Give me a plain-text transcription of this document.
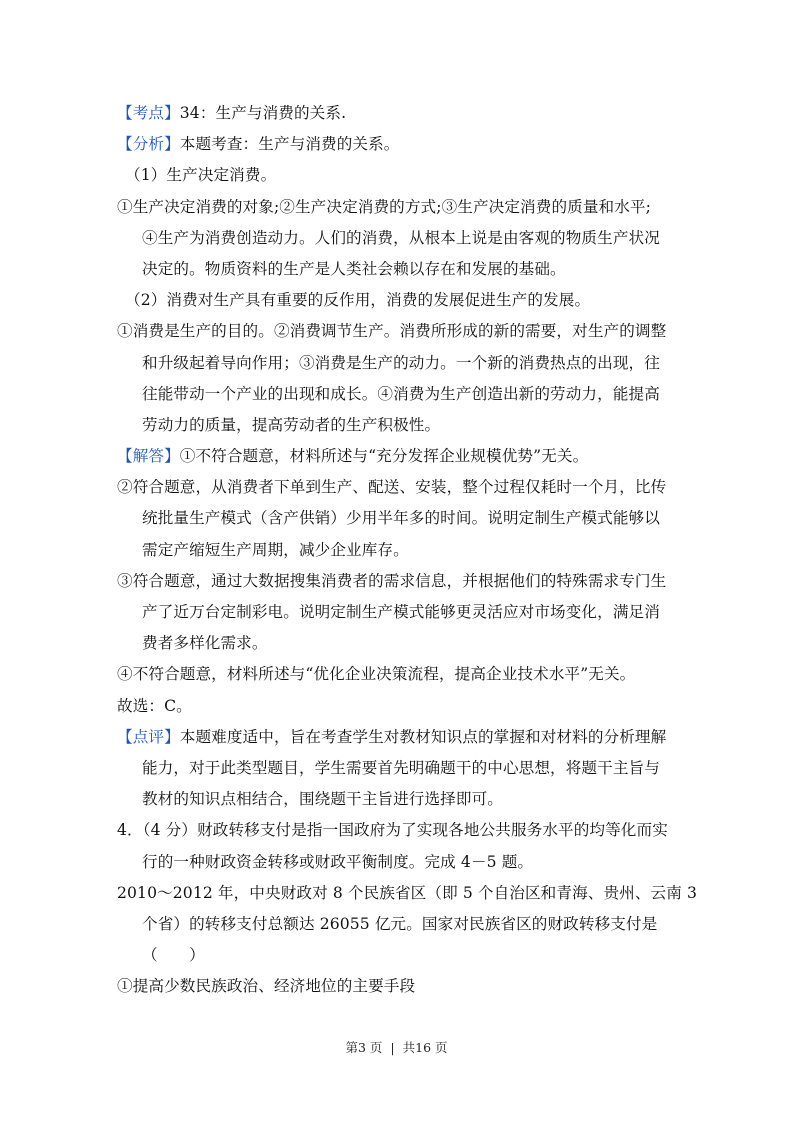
【考点】34：生产与消费的关系.
【分析】本题考查：生产与消费的关系。
（1）生产决定消费。
①生产决定消费的对象;②生产决定消费的方式;③生产决定消费的质量和水平;
④生产为消费创造动力。人们的消费，从根本上说是由客观的物质生产状况
决定的。物质资料的生产是人类社会赖以存在和发展的基础。
（2）消费对生产具有重要的反作用，消费的发展促进生产的发展。
①消费是生产的目的。②消费调节生产。消费所形成的新的需要，对生产的调整
和升级起着导向作用；③消费是生产的动力。一个新的消费热点的出现，往
往能带动一个产业的出现和成长。④消费为生产创造出新的劳动力，能提高
劳动力的质量，提高劳动者的生产积极性。
【解答】①不符合题意，材料所述与“充分发挥企业规模优势”无关。
②符合题意，从消费者下单到生产、配送、安装，整个过程仅耗时一个月，比传
统批量生产模式（含产供销）少用半年多的时间。说明定制生产模式能够以
需定产缩短生产周期，减少企业库存。
③符合题意，通过大数据搜集消费者的需求信息，并根据他们的特殊需求专门生
产了近万台定制彩电。说明定制生产模式能够更灵活应对市场变化，满足消
费者多样化需求。
④不符合题意，材料所述与“优化企业决策流程，提高企业技术水平”无关。
故选：C。
【点评】本题难度适中，旨在考查学生对教材知识点的掌握和对材料的分析理解
能力，对于此类型题目，学生需要首先明确题干的中心思想，将题干主旨与
教材的知识点相结合，围绕题干主旨进行选择即可。
4．（4 分）财政转移支付是指一国政府为了实现各地公共服务水平的均等化而实
行的一种财政资金转移或财政平衡制度。完成 4－5 题。
2010～2012 年，中央财政对 8 个民族省区（即 5 个自治区和青海、贵州、云南 3
个省）的转移支付总额达 26055 亿元。国家对民族省区的财政转移支付是
（　　）
①提高少数民族政治、经济地位的主要手段
第3 页 | 共16 页
